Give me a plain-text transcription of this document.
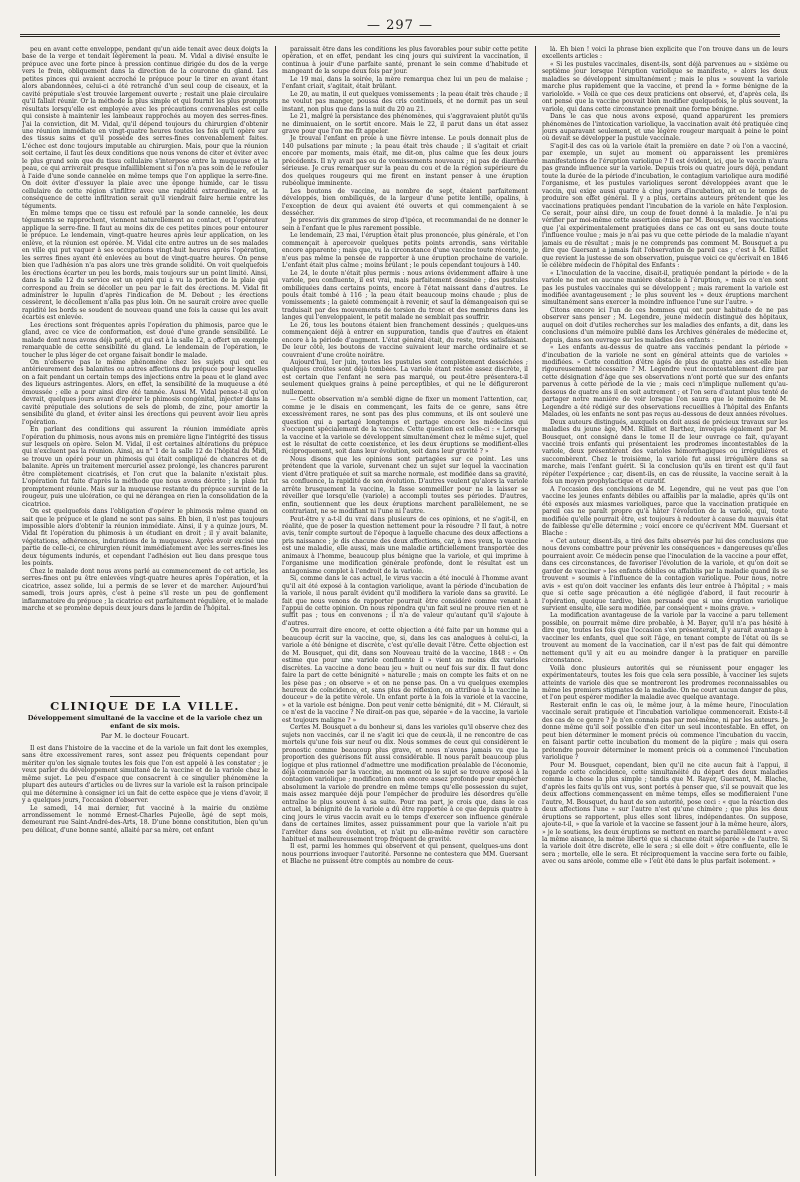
— 297 —

peu en avant cette enveloppe, pendant qu'un aide tenait avec deux doigts la base de la verge et tendait légèrement la peau. M. Vidal a divisé ensuite le prépuce avec une forte pince à pression continue dirigée du dos de la verge vers le frein, obliquement dans la direction de la couronne du gland. Les petites pinces qui avaient accroché le prépuce pour le tirer en avant étant alors abandonnées, celui-ci a été retranché d'un seul coup de ciseaux, et la cavité préputiale s'est trouvée largement ouverte ; restait une plaie circulaire qu'il fallait réunir. Or la méthode la plus simple et qui fournit les plus prompts résultats lorsqu'elle est employée avec les précautions convenables est celle qui consiste à maintenir les lambeaux rapprochés au moyen des serres-fines. J'ai la conviction, dit M. Vidal, qu'il dépend toujours du chirurgien d'obtenir une réunion immédiate en vingt-quatre heures toutes les fois qu'il opère sur des tissus sains et qu'il possède des serres-fines convenablement faites. L'échec est donc toujours imputable au chirurgien. Mais, pour que la réunion soit certaine, il faut les deux conditions que nous venons de citer et éviter avec le plus grand soin que du tissu cellulaire s'interpose entre la muqueuse et la peau, ce qui arriverait presque infailliblement si l'on n'a pas soin de le refouler à l'aide d'une sonde cannelée en même temps que l'on applique la serre-fine. On doit éviter d'essuyer la plaie avec une éponge humide, car le tissu cellulaire de cette région s'infiltre avec une rapidité extraordinaire, et la conséquence de cette infiltration serait qu'il viendrait faire hernie entre les téguments.

En même temps que ce tissu est refoulé par la sonde cannelée, les deux téguments se rapprochent, viennent naturellement au contact, et l'opérateur applique la serre-fine. Il faut au moins dix de ces petites pinces pour entourer le prépuce. Le lendemain, vingt-quatre heures après leur application, on les enlève, et la réunion est opérée. M. Vidal cite entre autres un de ses malades en ville qui put vaquer à ses occupations vingt-huit heures après l'opération, les serres fines ayant été enlevées au bout de vingt-quatre heures. On pense bien que l'adhésion n'a pas alors une très grande solidité. On voit quelquefois les érections écarter un peu les bords, mais toujours sur un point limité. Ainsi, dans la salle 12 du service est un opéré qui a vu la portion de la plaie qui correspond au frein se décoller un peu par le fait des érections. M. Vidal fit administrer le lupulin d'après l'indication de M. Debout ; les érections cessèrent, le décollement n'alla pas plus loin. On ne saurait croire avec quelle rapidité les bords se soudent de nouveau quand une fois la cause qui les avait écartés est enlevée.

Les érections sont fréquentes après l'opération du phimosis, parce que le gland, avec ce vice de conformation, est doué d'une grande sensibilité. Le malade dont nous avons déjà parlé, et qui est à la salle 12, a offert un exemple remarquable de cette sensibilité du gland. Le lendemain de l'opération, le toucher le plus léger de cet organe faisait bondir le malade.

On n'observe pas le même phénomène chez les sujets qui ont eu antérieurement des balanites ou autres affections du prépuce pour lesquelles on a fait pendant un certain temps des injections entre la peau et le gland avec des liqueurs astringentes. Alors, en effet, la sensibilité de la muqueuse a été émoussée ; elle a pour ainsi dire été tannée. Aussi M. Vidal pense-t-il qu'on devrait, quelques jours avant d'opérer le phimosis congénital, injecter dans la cavité préputiale des solutions de sels de plomb, de zinc, pour amortir la sensibilité du gland, et éviter ainsi les érections qui peuvent avoir lieu après l'opération.

En parlant des conditions qui assurent la réunion immédiate après l'opération du phimosis, nous avons mis en première ligne l'intégrité des tissus sur lesquels on opère. Selon M. Vidal, il est certaines altérations du prépuce qui n'excluent pas la réunion. Ainsi, au n° 1 de la salle 12 de l'hôpital du Midi, se trouve un opéré pour un phimosis qui était compliqué de chancres et de balanite. Après un traitement mercuriel assez prolongé, les chancres parurent être complètement cicatrisés, et l'on crut que la balanite n'existait plus. L'opération fut faite d'après la méthode que nous avons décrite ; la plaie fut promptement réunie. Mais sur la muqueuse restante du prépuce survint de la rougeur, puis une ulcération, ce qui ne dérangea en rien la consolidation de la cicatrice.

On est quelquefois dans l'obligation d'opérer le phimosis même quand on sait que le prépuce et le gland ne sont pas sains. Eh bien, il n'est pas toujours impossible alors d'obtenir la réunion immédiate. Ainsi, il y a quinze jours, M. Vidal fit l'opération du phimosis à un étudiant en droit ; il y avait balanite, végétations, adhérences, indurations de la muqueuse. Après avoir excisé une partie de celle-ci, ce chirurgien réunit immédiatement avec les serres-fines les deux téguments indurés, et cependant l'adhésion eut lieu dans presque tous les points.

Chez le malade dont nous avons parlé au commencement de cet article, les serres-fines ont pu être enlevées vingt-quatre heures après l'opération, et la cicatrice, assez solide, lui a permis de se lever et de marcher. Aujourd'hui samedi, trois jours après, c'est à peine s'il reste un peu de gonflement inflammatoire du prépuce ; la cicatrice est parfaitement régulière, et le malade marche et se promène depuis deux jours dans le jardin de l'hôpital.

CLINIQUE DE LA VILLE.
Développement simultané de la vaccine et de la variole chez un enfant de six mois.
Par M. le docteur Foucart.

Il est dans l'histoire de la vaccine et de la variole un fait dont les exemples, sans être excessivement rares, sont assez peu fréquents cependant pour mériter qu'on les signale toutes les fois que l'on est appelé à les constater ; je veux parler du développement simultané de la vaccine et de la variole chez le même sujet. Le peu d'espace que consacrent à ce singulier phénomène la plupart des auteurs d'articles ou de livres sur la variole est la raison principale qui me détermine à consigner ici un fait de cette espèce que je viens d'avoir, il y a quelques jours, l'occasion d'observer.

Le samedi, 14 mai dernier, fut vacciné à la mairie du onzième arrondissement le nommé Ernest-Charles Pujeolle, âgé de sept mois, demeurant rue Saint-André-des-Arts, 18. D'une bonne constitution, bien qu'un peu délicat, d'une bonne santé, allaité par sa mère, cet enfant

paraissait être dans les conditions les plus favorables pour subir cette petite opération, et en effet, pendant les cinq jours qui suivirent la vaccination, il continua à jouir d'une parfaite santé, prenant le sein comme d'habitude et mangeant de la soupe deux fois par jour.

Le 19 mai, dans la soirée, la mère remarqua chez lui un peu de malaise ; l'enfant criait, s'agitait, était brûlant.

Le 20, au matin, il eut quelques vomissements ; la peau était très chaude ; il ne voulut pas manger, poussa des cris continuels, et ne dormit pas un seul instant, non plus que dans la nuit du 20 au 21.

Le 21, malgré la persistance des phénomènes, qui s'aggravaient plutôt qu'ils ne diminuaient, on le sortit encore. Mais le 22, il parut dans un état assez grave pour que l'on me fît appeler.

Je trouvai l'enfant en proie à une fièvre intense. Le pouls donnait plus de 140 pulsations par minute ; la peau était très chaude ; il s'agitait et criait encore par moments, mais était, me dit-on, plus calme que les deux jours précédents. Il n'y avait pas eu de vomissements nouveaux ; ni pas de diarrhée sérieuse. Je crus remarquer sur la peau du cou et de la région supérieure du dos quelques rougeurs qui me firent en instant penser à une éruption rubéolique imminente.

Les boutons de vaccine, au nombre de sept, étaient parfaitement développés, bien ombiliqués, de la largeur d'une petite lentille, opalins, à l'exception de deux qui avaient été ouverts et qui commençaient à se dessécher.

Je prescrivis dix grammes de sirop d'ipéca, et recommandai de ne donner le sein à l'enfant que le plus rarement possible.

Le lendemain, 23 mai, l'éruption était plus prononcée, plus générale, et l'on commençait à apercevoir quelques petits points arrondis, sans véritable encore apparente ; mais que, vu la circonstance d'une vaccine toute récente, je n'eus pas même la pensée de rapporter à une éruption prochaine de variole. L'enfant était plus calme ; moins brûlant ; le pouls cependant toujours à 140.

Le 24, le doute n'était plus permis : nous avions évidemment affaire à une variole, peu confluente, il est vrai, mais parfaitement dessinée ; des pustules ombiliquées dans certains points, encore à l'état naissant dans d'autres. Le pouls était tombé à 116 ; la peau était beaucoup moins chaude ; plus de vomissements ; la gaieté commençait à revenir, et sauf la démangeaison qui se traduisait par des mouvements de torsion du tronc et des membres dans les langes qui l'enveloppaient, le petit malade ne semblait pas souffrir.

Le 26, tous les boutons étaient bien franchement dessinés ; quelques-uns commençaient déjà à entrer en suppuration, tandis que d'autres en étaient encore à la période d'augment. L'état général était, du reste, très satisfaisant. De leur côté, les boutons de vaccine suivaient leur marche ordinaire et se couvraient d'une croûte noirâtre.

Aujourd'hui, 1er juin, toutes les pustules sont complètement desséchées ; quelques croûtes sont déjà tombées. La variole étant restée assez discrète, il est certain que l'enfant ne sera pas marqué, ou peut-être présentera-t-il seulement quelques grains à peine perceptibles, et qui ne le défigureront nullement.

— Cette observation m'a semblé digne de fixer un moment l'attention, car, comme je le disais en commençant, les faits de ce genre, sans être excessivement rares, ne sont pas des plus communs, et ils ont soulevé une question qui a partagé longtemps et partage encore les médecins qui s'occupent spécialement de la vaccine. Cette question est celle-ci : « Lorsque la vaccine et la variole se développent simultanément chez le même sujet, quel est le résultat de cette coexistence, et les deux éruptions se modifient-elles réciproquement, soit dans leur évolution, soit dans leur gravité ? »

Nous disons que les opinions sont partagées sur ce point. Les uns prétendent que la variole, survenant chez un sujet sur lequel la vaccination vient d'être pratiquée et suit sa marche normale, est modifiée dans sa gravité, sa confluence, la rapidité de son évolution. D'autres veulent qu'alors la variole arrête brusquement la vaccine, la fasse sommeiller pour ne la laisser se réveiller que lorsqu'elle (variole) a accompli toutes ses périodes. D'autres, enfin, soutiennent que les deux éruptions marchent parallèlement, ne se contrariant, ne se modifiant ni l'une ni l'autre.

Peut-être y a-t-il du vrai dans plusieurs de ces opinions, et ne s'agit-il, en réalité, que de poser la question nettement pour la résoudre ? Il faut, à notre avis, tenir compte surtout de l'époque à laquelle chacune des deux affections a pris naissance ; je dis chacune des deux affections, car, à mes yeux, la vaccine est une maladie, elle aussi, mais une maladie artificiellement transportée des animaux à l'homme, beaucoup plus bénigne que la variole, et qui imprime à l'organisme une modification générale profonde, dont le résultat est un antagonisme complet à l'endroit de la variole.

Si, comme dans le cas actuel, le virus vaccin a été inoculé à l'homme avant qu'il ait été exposé à la contagion variolique, avant la période d'incubation de la variole, il nous paraît évident qu'il modifiera la variole dans sa gravité. Le fait que nous venons de rapporter pourrait être considéré comme venant à l'appui de cette opinion. On nous répondra qu'un fait seul ne prouve rien et ne suffit pas ; tous en convenons ; il n'a de valeur qu'autant qu'il s'ajoute à d'autres.

On pourrait dire encore, et cette objection a été faite par un homme qui a beaucoup écrit sur la vaccine, que, si, dans les cas analogues à celui-ci, la variole a été bénigne et discrète, c'est qu'elle devait l'être. Cette objection est de M. Bousquet, qui dit, dans son Nouveau traité de la vaccine, 1848 : « On estime que pour une variole confluente il » vient au moins dix varioles discrètes. La vaccine a donc beau jeu » huit ou neuf fois sur dix. Il faut donc faire la part de cette bénignité » naturelle ; mais on compte les faits et on ne les pèse pas ; on observe » et on ne pense pas. On a vu quelques exemples heureux de coïncidence, et, sans plus de réflexion, on attribue à la vaccine la douceur » de la petite vérole. Un enfant porte à la fois la variole et la vaccine, » et la variole est bénigne. Don peut venir cette bénignité, dit » M. Clérault, si ce n'est de la vaccine ? Ne dirait-on pas que, séparée » de la vaccine, la variole est toujours maligne ? »

Certes M. Bousquet a du bonheur si, dans les varioles qu'il observe chez des sujets non vaccinés, car il ne s'agit ici que de ceux-là, il ne rencontre de cas mortels qu'une fois sur neuf ou dix. Nous sommes de ceux qui considèrent le pronostic comme beaucoup plus grave, et nous n'avons jamais vu que la proportion des guérisons fût aussi considérable. Il nous paraît beaucoup plus logique et plus rationnel d'admettre une modification préalable de l'économie, déjà commencée par la vaccine, au moment où le sujet se trouve exposé à la contagion variolique ; modification non encore assez profonde pour empêcher absolument la variole de prendre en même temps qu'elle possession du sujet, mais assez marquée déjà pour l'empêcher de produire les désordres qu'elle entraîne le plus souvent à sa suite. Pour ma part, je crois que, dans le cas actuel, la bénignité de la variole a dû être rapportée à ce que depuis quatre à cinq jours le virus vaccin avait eu le temps d'exercer son influence générale dans de certaines limites, assez puissamment pour que la variole n'ait pu l'arrêter dans son évolution, et n'ait pu elle-même revêtir son caractère habituel et malheureusement trop fréquent de gravité.

Il est, parmi les hommes qui observent et qui pensent, quelques-uns dont nous pourrions invoquer l'autorité. Personne ne contestera que MM. Guersant et Blache ne puissent être comptés au nombre de ceux-

là. Eh bien ! voici la phrase bien explicite que l'on trouve dans un de leurs excellents articles :

« Si les pustules vaccinales, disent-ils, sont déjà parvenues au » sixième ou septième jour lorsque l'éruption variolique se manifeste, » alors les deux maladies se développent simultanément ; mais le plus » souvent la variole marche plus rapidement que la vaccine, et prend la » forme bénigne de la varioloïde. » Voilà ce que ces deux praticiens ont observé, et, d'après cela, ils ont pensé que la vaccine pouvait bien modifier quelquefois, le plus souvent, la variole, qui dans cette circonstance prenait une forme bénigne.

Dans le cas que nous avons exposé, quand apparurent les premiers phénomènes de l'intoxication variolique, la vaccination avait été pratiquée cinq jours auparavant seulement, et une légère rougeur marquait à peine le point où devait se développer la pustule vaccinale.

S'agit-il des cas où la variole était la première en date ? où l'on a vacciné, par exemple, un sujet au moment où apparaissent les premières manifestations de l'éruption variolique ? Il est évident, ici, que le vaccin n'aura pas grande influence sur la variole. Depuis trois ou quatre jours déjà, pendant toute la durée de la période d'incubation, le contagium variolique aura modifié l'organisme, et les pustules varioliques seront développées avant que le vaccin, qui exige aussi quatre à cinq jours d'incubation, ait eu le temps de produire son effet général. Il y a plus, certains auteurs prétendent que les vaccinations pratiquées pendant l'incubation de la variole en hâte l'explosion. Ce serait, pour ainsi dire, un coup de fouet donné à la maladie. Je n'ai pu vérifier par moi-même cette assertion émise par M. Bousquet, les vaccinations que j'ai expérimentalement pratiquées dans ce cas ont eu sans doute toute l'influence voulue ; mais je n'ai pas vu que cette période de la maladie n'ayant jamais eu de résultat ; mais je ne comprends pas comment M. Bousquet a pu dire que Guersant a jamais fait l'observation de pareil cas ; c'est à M. Rilliet que revient la justesse de son observation, puisque voici ce qu'écrivait en 1846 le célèbre médecin de l'hôpital des Enfants :

« L'inoculation de la vaccine, disait-il, pratiquée pendant la période » de la variole ne met en aucune manière obstacle à l'éruption, » mais ce n'en sont pas les pustules vaccinales qui se développent ; mais rarement la variole est modifiée avantageusement ; le plus souvent les » deux éruptions marchent simultanément sans exercer la moindre influence l'une sur l'autre. »

Citons encore ici l'un de ces hommes qui ont pour habitude de ne pas observer sans penser ; M. Legendre, jeune médecin distingué des hôpitaux, auquel on doit d'utiles recherches sur les maladies des enfants, a dit, dans les conclusions d'un mémoire publié dans les Archives générales de médecine et, depuis, dans son ouvrage sur les maladies des enfants :

« Les enfants au-dessus de quatre ans vaccinés pendant la période » d'incubation de la variole ne sont en général atteints que de varioles » modifiées. » Cette condition d'être âgés de plus de quatre ans est-elle bien rigoureusement nécessaire ? M. Legendre veut incontestablement dire par cette désignation d'âge que ses observations n'ont porté que sur des enfants parvenus à cette période de la vie ; mais ceci n'implique nullement qu'au-dessous de quatre ans il en soit autrement ; et l'on sera d'autant plus tenté de partager notre manière de voir lorsque l'on saura que le mémoire de M. Legendre a été rédigé sur des observations recueillies à l'hôpital des Enfants Malades, où les enfants ne sont pas reçus au-dessous de deux années révolues.

Deux auteurs distingués, auxquels on doit aussi de précieux travaux sur les maladies du jeune âge, MM. Rilliet et Barthez, invoqués également par M. Bousquet, ont consigné dans le tome II de leur ouvrage ce fait, qu'ayant vacciné trois enfants qui présentaient les prodromes incontestables de la variole, deux présentèrent des varioles hémorrhagiques ou irrégulières et succombèrent. Chez le troisième, la variole fut aussi irrégulière dans sa marche, mais l'enfant guérit. Si la conclusion qu'ils en tirent est qu'il faut répéter l'expérience ; car, disent-ils, en cas de réussite, la vaccine serait à la fois un moyen prophylactique et curatif.

A l'occasion des conclusions de M. Legendre, qui ne veut pas que l'on vaccine les jeunes enfants débiles ou affaiblis par la maladie, après qu'ils ont été exposés aux miasmes varioliques, parce que la vaccination pratiquée en pareil cas ne paraît propre qu'à hâter l'évolution de la variole, qui, toute modifiée qu'elle pourrait être, est toujours à redouter à cause du mauvais état de faiblesse qu'elle détermine ; voici encore ce qu'écrivent MM. Guersant et Blache :

« Cet auteur, disent-ils, a tiré des faits observés par lui des conclusions que nous devons combattre pour prévenir les conséquences » dangereuses qu'elles pourraient avoir. Ce médecin pense que l'inoculation de la vaccine a pour effet, dans ces circonstances, de favoriser l'évolution de la variole, et qu'on doit se garder de vacciner » les enfants débiles ou affaiblis par la maladie quand ils se trouvent » soumis à l'influence de la contagion variolique. Pour nous, notre avis » est qu'on doit vacciner les enfants dès leur entrée à l'hôpital ; » mais que si cette sage précaution a été négligée d'abord, il faut recourir à l'opération, quoique tardive, bien persuadé que si une éruption variolique survient ensuite, elle sera modifiée, par conséquent » moins grave. »

La modification avantageuse de la variole par la vaccine a paru tellement possible, on pourrait même dire probable, à M. Bayer, qu'il n'a pas hésité à dire que, toutes les fois que l'occasion s'en présenterait, il y aurait avantage à vacciner les enfants, quel que soit l'âge, en tenant compte de l'état où ils se trouvent au moment de la vaccination, car il n'est pas de fait qui démontre nettement qu'il y ait eu au moindre danger à la pratiquer en pareille circonstance.

Voilà donc plusieurs autorités qui se réunissent pour engager les expérimentateurs, toutes les fois que cela sera possible, à vacciner les sujets atteints de variole dès que se montreront les prodromes reconnaissables ou même les premiers stigmates de la maladie. On ne court aucun danger de plus, et l'on peut espérer modifier la maladie avec quelque avantage.

Resterait enfin le cas où, le même jour, à la même heure, l'inoculation vaccinale serait pratiquée et l'incubation variolique commencerait. Existe-t-il des cas de ce genre ? Je n'en connais pas par moi-même, ni par les auteurs. Je donne même qu'il soit possible d'en citer un seul incontestable. En effet, on peut bien déterminer le moment précis où commence l'incubation du vaccin, en faisant partir cette incubation du moment de la piqûre ; mais qui osera prétendre pouvoir déterminer le moment précis où a commencé l'incubation variolique ?

Pour M. Bousquet, cependant, bien qu'il ne cite aucun fait à l'appui, il regarde cette coïncidence, cette simultanéité du départ des deux maladies comme la chose la plus simple ; tandis que M. Rayer, Guersant, M. Blache, d'après les faits qu'ils ont vus, sont portés à penser que, s'il se pouvait que les deux affections commençassent en même temps, elles se modifieraient l'une l'autre, M. Bousquet, du haut de son autorité, pose ceci : « que la réaction des deux affections l'une » sur l'autre n'est qu'une chimère ; que plus les deux éruptions se rapportent, plus elles sont libres, indépendantes. On suppose, ajoute-t-il, » que la variole et la vaccine se fassent jour à la même heure, alors, » je le soutiens, les deux éruptions se mettent en marche parallèlement » avec la même aisance, la même liberté que si chacune était séparée » de l'autre. Si la variole doit être discrète, elle le sera ; si elle doit » être confluente, elle le sera ; mortelle, elle le sera. Et réciproquement la vaccine sera forte ou faible, avec ou sans aréole, comme elle » l'eût été dans le plus parfait isolement. »
